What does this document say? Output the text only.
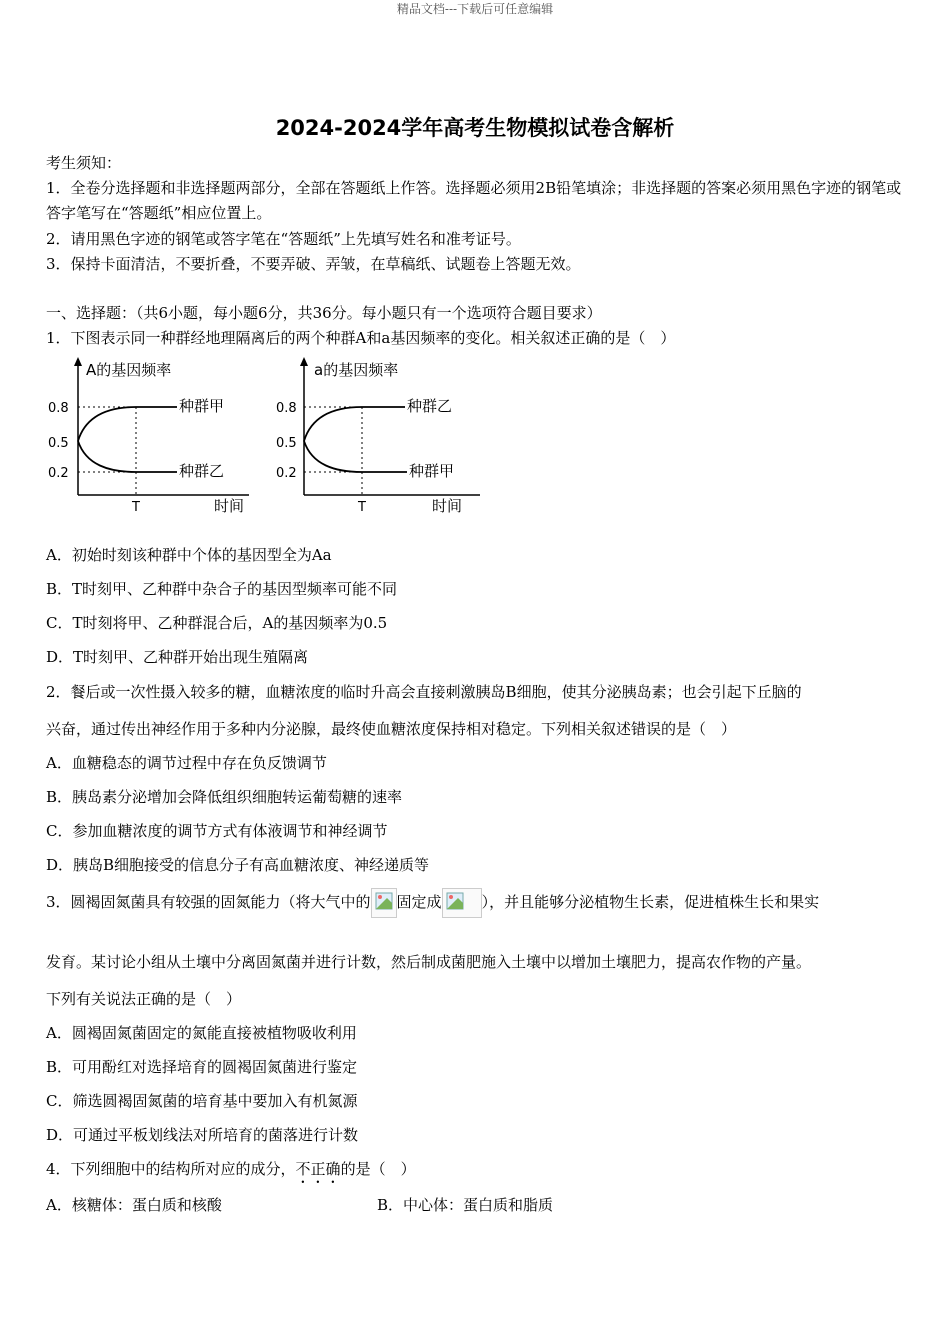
精品文档---下载后可任意编辑
2024-2024学年高考生物模拟试卷含解析
考生须知：
1．全卷分选择题和非选择题两部分，全部在答题纸上作答。选择题必须用2B铅笔填涂；非选择题的答案必须用黑色字迹的钢笔或答字笔写在“答题纸”相应位置上。
2．请用黑色字迹的钢笔或答字笔在“答题纸”上先填写姓名和准考证号。
3．保持卡面清洁，不要折叠，不要弄破、弄皱，在草稿纸、试题卷上答题无效。
一、选择题：（共6小题，每小题6分，共36分。每小题只有一个选项符合题目要求）
1．下图表示同一种群经地理隔离后的两个种群A和a基因频率的变化。相关叙述正确的是（　）
A的基因频率
0.8
0.5
0.2
种群甲
种群乙
T	时间
a的基因频率
0.8
0.5
0.2
种群乙
种群甲
T	时间
A．初始时刻该种群中个体的基因型全为Aa
B．T时刻甲、乙种群中杂合子的基因型频率可能不同
C．T时刻将甲、乙种群混合后，A的基因频率为0.5
D．T时刻甲、乙种群开始出现生殖隔离
2．餐后或一次性摄入较多的糖，血糖浓度的临时升高会直接刺激胰岛B细胞，使其分泌胰岛素；也会引起下丘脑的
兴奋，通过传出神经作用于多种内分泌腺，最终使血糖浓度保持相对稳定。下列相关叙述错误的是（　）
A．血糖稳态的调节过程中存在负反馈调节
B．胰岛素分泌增加会降低组织细胞转运葡萄糖的速率
C．参加血糖浓度的调节方式有体液调节和神经调节
D．胰岛B细胞接受的信息分子有高血糖浓度、神经递质等
3．圆褐固氮菌具有较强的固氮能力（将大气中的 固定成	），并且能够分泌植物生长素，促进植株生长和果实
发育。某讨论小组从土壤中分离固氮菌并进行计数，然后制成菌肥施入土壤中以增加土壤肥力，提高农作物的产量。
下列有关说法正确的是（　）
A．圆褐固氮菌固定的氮能直接被植物吸收利用
B．可用酚红对选择培育的圆褐固氮菌进行鉴定
C．筛选圆褐固氮菌的培育基中要加入有机氮源
D．可通过平板划线法对所培育的菌落进行计数
4．下列细胞中的结构所对应的成分，不正确的是（　）
A．核糖体：蛋白质和核酸	B．中心体：蛋白质和脂质
